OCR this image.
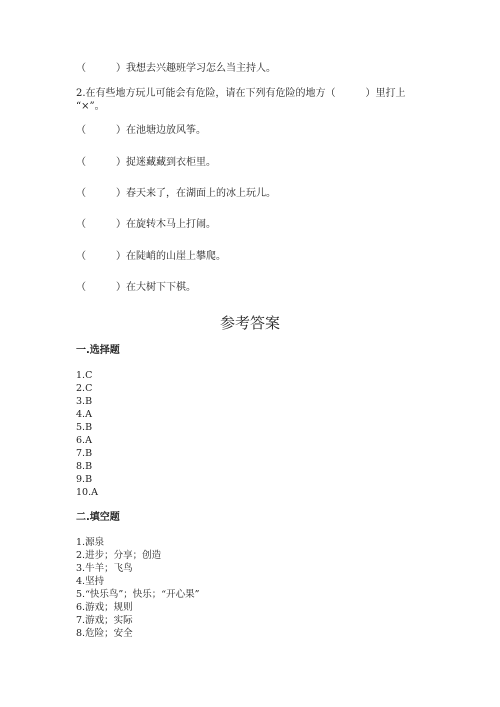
（　　　）我想去兴趣班学习怎么当主持人。
2.在有些地方玩儿可能会有危险，请在下列有危险的地方（　　　）里打上
“×”。
（　　　）在池塘边放风筝。
（　　　）捉迷藏藏到衣柜里。
（　　　）春天来了，在湖面上的冰上玩儿。
（　　　）在旋转木马上打闹。
（　　　）在陡峭的山崖上攀爬。
（　　　）在大树下下棋。
参考答案
一.选择题
1.C
2.C
3.B
4.A
5.B
6.A
7.B
8.B
9.B
10.A
二.填空题
1.源泉
2.进步；分享；创造
3.牛羊；飞鸟
4.坚持
5.“快乐鸟”；快乐；“开心果”
6.游戏；规则
7.游戏；实际
8.危险；安全
